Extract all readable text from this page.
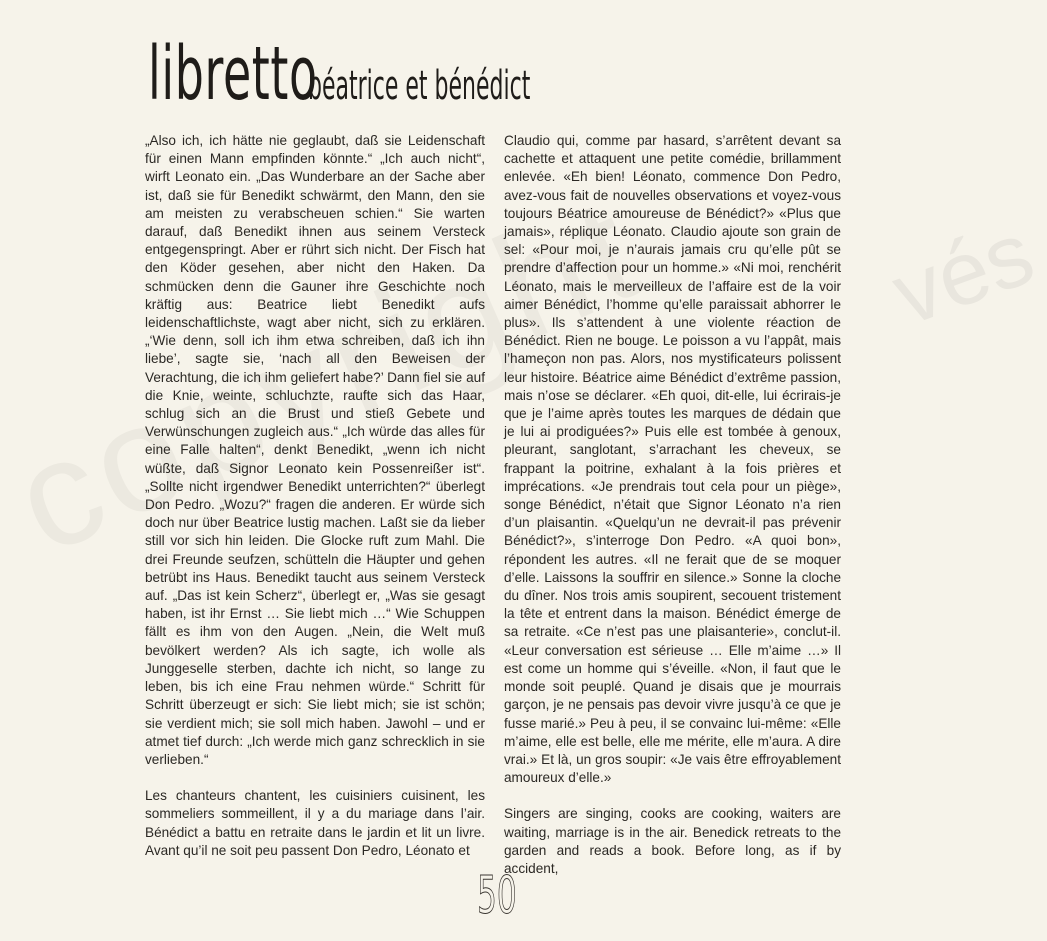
vés
libretto
béatrice et bénédict

„Also ich, ich hätte nie geglaubt, daß sie Leidenschaft für einen Mann empfinden könnte.“ „Ich auch nicht“, wirft Leonato ein. „Das Wunderbare an der Sache aber ist, daß sie für Benedikt schwärmt, den Mann, den sie am meisten zu verabscheuen schien.“ Sie warten darauf, daß Benedikt ihnen aus seinem Versteck entgegenspringt. Aber er rührt sich nicht. Der Fisch hat den Köder gesehen, aber nicht den Haken. Da schmücken denn die Gauner ihre Geschichte noch kräftig aus: Beatrice liebt Benedikt aufs leidenschaftlichste, wagt aber nicht, sich zu erklären. „‘Wie denn, soll ich ihm etwa schreiben, daß ich ihn liebe’, sagte sie, ‘nach all den Beweisen der Verachtung, die ich ihm geliefert habe?’ Dann fiel sie auf die Knie, weinte, schluchzte, raufte sich das Haar, schlug sich an die Brust und stieß Gebete und Verwünschungen zugleich aus.“ „Ich würde das alles für eine Falle halten“, denkt Benedikt, „wenn ich nicht wüßte, daß Signor Leonato kein Possenreißer ist“. „Sollte nicht irgendwer Benedikt unterrichten?“ überlegt Don Pedro. „Wozu?“ fragen die anderen. Er würde sich doch nur über Beatrice lustig machen. Laßt sie da lieber still vor sich hin leiden. Die Glocke ruft zum Mahl. Die drei Freunde seufzen, schütteln die Häupter und gehen betrübt ins Haus. Benedikt taucht aus seinem Versteck auf. „Das ist kein Scherz“, überlegt er, „Was sie gesagt haben, ist ihr Ernst … Sie liebt mich …“ Wie Schuppen fällt es ihm von den Augen. „Nein, die Welt muß bevölkert werden? Als ich sagte, ich wolle als Junggeselle sterben, dachte ich nicht, so lange zu leben, bis ich eine Frau nehmen würde.“ Schritt für Schritt überzeugt er sich: Sie liebt mich; sie ist schön; sie verdient mich; sie soll mich haben. Jawohl – und er atmet tief durch: „Ich werde mich ganz schrecklich in sie verlieben.“

Les chanteurs chantent, les cuisiniers cuisinent, les sommeliers sommeillent, il y a du mariage dans l’air. Bénédict a battu en retraite dans le jardin et lit un livre. Avant qu’il ne soit peu passent Don Pedro, Léonato et

Claudio qui, comme par hasard, s’arrêtent devant sa cachette et attaquent une petite comédie, brillamment enlevée. «Eh bien! Léonato, commence Don Pedro, avez-vous fait de nouvelles observations et voyez-vous toujours Béatrice amoureuse de Bénédict?» «Plus que jamais», réplique Léonato. Claudio ajoute son grain de sel: «Pour moi, je n’aurais jamais cru qu’elle pût se prendre d’affection pour un homme.» «Ni moi, renchérit Léonato, mais le merveilleux de l’affaire est de la voir aimer Bénédict, l’homme qu’elle paraissait abhorrer le plus». Ils s’attendent à une violente réaction de Bénédict. Rien ne bouge. Le poisson a vu l’appât, mais l’hameçon non pas. Alors, nos mystificateurs polissent leur histoire. Béatrice aime Bénédict d’extrême passion, mais n’ose se déclarer. «Eh quoi, dit-elle, lui écrirais-je que je l’aime après toutes les marques de dédain que je lui ai prodiguées?» Puis elle est tombée à genoux, pleurant, sanglotant, s’arrachant les cheveux, se frappant la poitrine, exhalant à la fois prières et imprécations. «Je prendrais tout cela pour un piège», songe Bénédict, n’était que Signor Léonato n’a rien d’un plaisantin. «Quelqu’un ne devrait-il pas prévenir Bénédict?», s’interroge Don Pedro. «A quoi bon», répondent les autres. «Il ne ferait que de se moquer d’elle. Laissons la souffrir en silence.» Sonne la cloche du dîner. Nos trois amis soupirent, secouent tristement la tête et entrent dans la maison. Bénédict émerge de sa retraite. «Ce n’est pas une plaisanterie», conclut-il. «Leur conversation est sérieuse … Elle m’aime …» Il est come un homme qui s’éveille. «Non, il faut que le monde soit peuplé. Quand je disais que je mourrais garçon, je ne pensais pas devoir vivre jusqu’à ce que je fusse marié.» Peu à peu, il se convainc lui-même: «Elle m’aime, elle est belle, elle me mérite, elle m’aura. A dire vrai.» Et là, un gros soupir: «Je vais être effroyablement amoureux d’elle.»

Singers are singing, cooks are cooking, waiters are waiting, marriage is in the air. Benedick retreats to the garden and reads a book. Before long, as if by accident,

50
